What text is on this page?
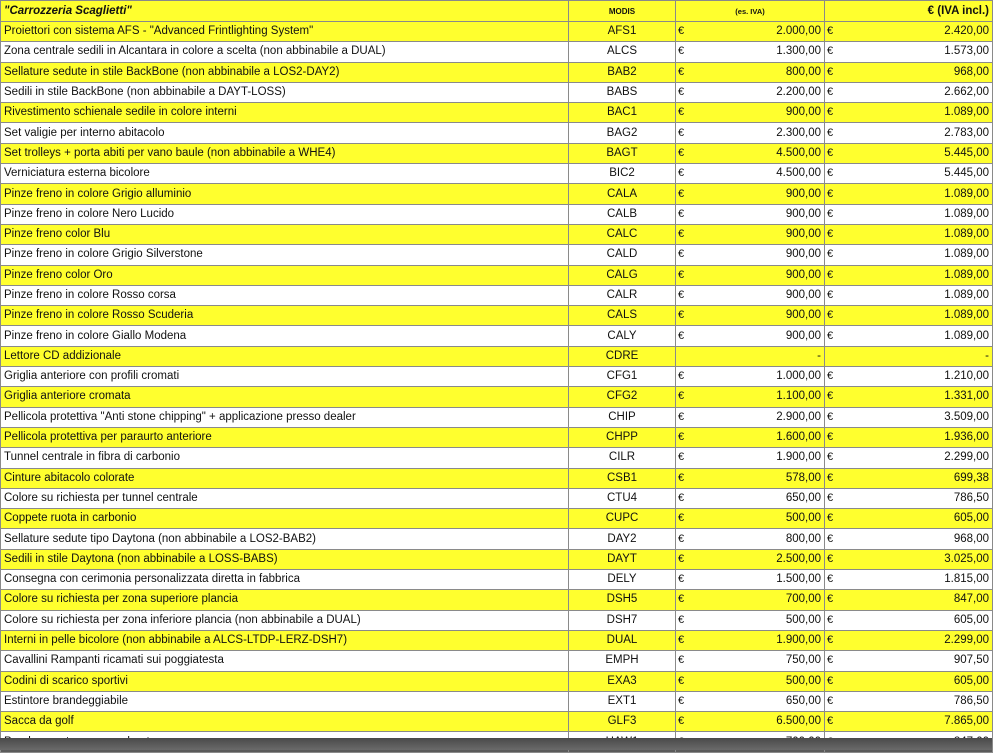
"Carrozzeria Scaglietti"	MODIS	(es. IVA)		€ (IVA incl.)	
Proiettori con sistema AFS - "Advanced Frintlighting System"	AFS1	€	2.000,00	€	2.420,00
Zona centrale sedili in Alcantara in colore a scelta (non abbinabile a DUAL)	ALCS	€	1.300,00	€	1.573,00
Sellature sedute in stile BackBone (non abbinabile a LOS2-DAY2)	BAB2	€	800,00	€	968,00
Sedili in stile BackBone (non abbinabile a DAYT-LOSS)	BABS	€	2.200,00	€	2.662,00
Rivestimento schienale sedile in colore interni	BAC1	€	900,00	€	1.089,00
Set valigie per interno abitacolo	BAG2	€	2.300,00	€	2.783,00
Set trolleys + porta abiti per vano baule (non abbinabile a WHE4)	BAGT	€	4.500,00	€	5.445,00
Verniciatura esterna bicolore	BIC2	€	4.500,00	€	5.445,00
Pinze freno in colore Grigio alluminio	CALA	€	900,00	€	1.089,00
Pinze freno in colore Nero Lucido	CALB	€	900,00	€	1.089,00
Pinze freno color Blu	CALC	€	900,00	€	1.089,00
Pinze freno in colore Grigio Silverstone	CALD	€	900,00	€	1.089,00
Pinze freno color Oro	CALG	€	900,00	€	1.089,00
Pinze freno in colore Rosso corsa	CALR	€	900,00	€	1.089,00
Pinze freno in colore Rosso Scuderia	CALS	€	900,00	€	1.089,00
Pinze freno in colore Giallo Modena	CALY	€	900,00	€	1.089,00
Lettore CD addizionale	CDRE		-		-
Griglia anteriore con profili cromati	CFG1	€	1.000,00	€	1.210,00
Griglia anteriore cromata	CFG2	€	1.100,00	€	1.331,00
Pellicola protettiva "Anti stone chipping" + applicazione presso dealer	CHIP	€	2.900,00	€	3.509,00
Pellicola protettiva per paraurto anteriore	CHPP	€	1.600,00	€	1.936,00
Tunnel centrale in fibra di carbonio	CILR	€	1.900,00	€	2.299,00
Cinture abitacolo colorate	CSB1	€	578,00	€	699,38
Colore su richiesta per tunnel centrale	CTU4	€	650,00	€	786,50
Coppete ruota in carbonio	CUPC	€	500,00	€	605,00
Sellature sedute tipo Daytona (non abbinabile a LOS2-BAB2)	DAY2	€	800,00	€	968,00
Sedili in stile Daytona (non abbinabile a LOSS-BABS)	DAYT	€	2.500,00	€	3.025,00
Consegna con cerimonia personalizzata diretta in fabbrica	DELY	€	1.500,00	€	1.815,00
Colore su richiesta per zona superiore plancia	DSH5	€	700,00	€	847,00
Colore su richiesta per zona inferiore plancia (non abbinabile a DUAL)	DSH7	€	500,00	€	605,00
Interni in pelle bicolore (non abbinabile a ALCS-LTDP-LERZ-DSH7)	DUAL	€	1.900,00	€	2.299,00
Cavallini Rampanti ricamati sui poggiatesta	EMPH	€	750,00	€	907,50
Codini di scarico sportivi	EXA3	€	500,00	€	605,00
Estintore brandeggiabile	EXT1	€	650,00	€	786,50
Sacca da golf	GLF3	€	6.500,00	€	7.865,00
